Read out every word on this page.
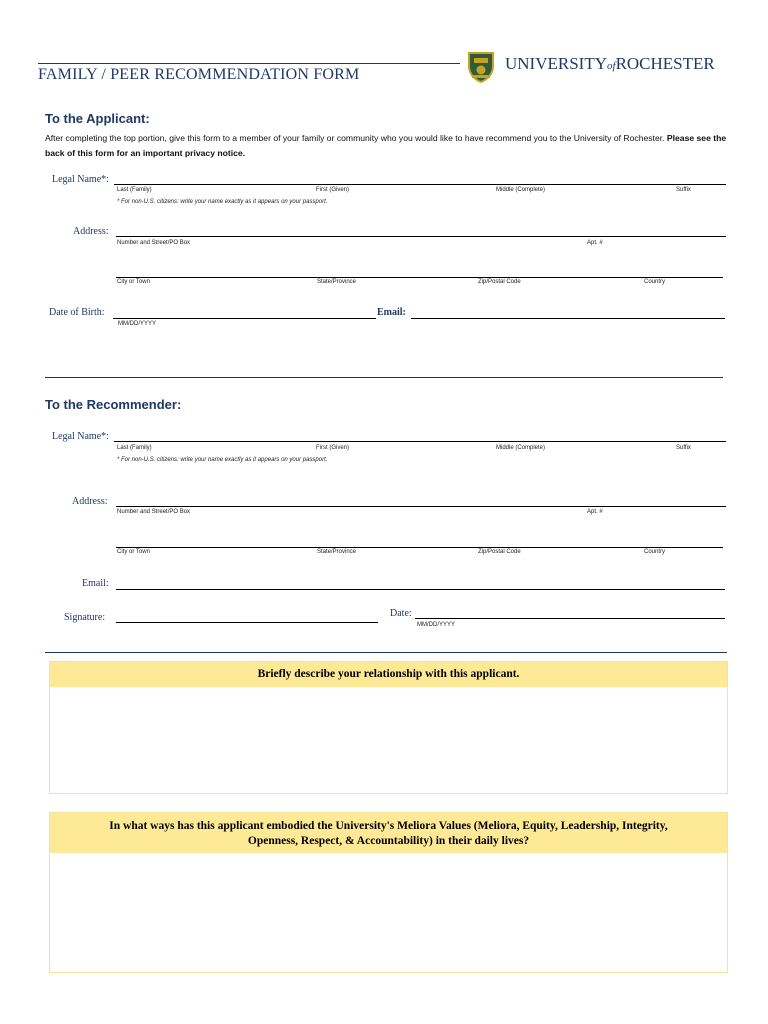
FAMILY / PEER RECOMMENDATION FORM
UNIVERSITYofROCHESTER
To the Applicant:
After completing the top portion, give this form to a member of your family or community who you would like to have recommend you to the University of Rochester. Please see the back of this form for an important privacy notice.
Legal Name*:
Last (Family)	First (Given)	Middle (Complete)	Suffix
* For non-U.S. citizens: write your name exactly as it appears on your passport.
Address:
Number and Street/PO Box	Apt. #
City or Town	State/Province	Zip/Postal Code	Country
Date of Birth:
MM/DD/YYYY
Email:
To the Recommender:
Legal Name*:
Last (Family)	First (Given)	Middle (Complete)	Suffix
* For non-U.S. citizens: write your name exactly as it appears on your passport.
Address:
Number and Street/PO Box	Apt. #
City or Town	State/Province	Zip/Postal Code	Country
Email:
Signature:	Date:
MM/DD/YYYY
Briefly describe your relationship with this applicant.
In what ways has this applicant embodied the University's Meliora Values (Meliora, Equity, Leadership, Integrity,
Openness, Respect, & Accountability) in their daily lives?
